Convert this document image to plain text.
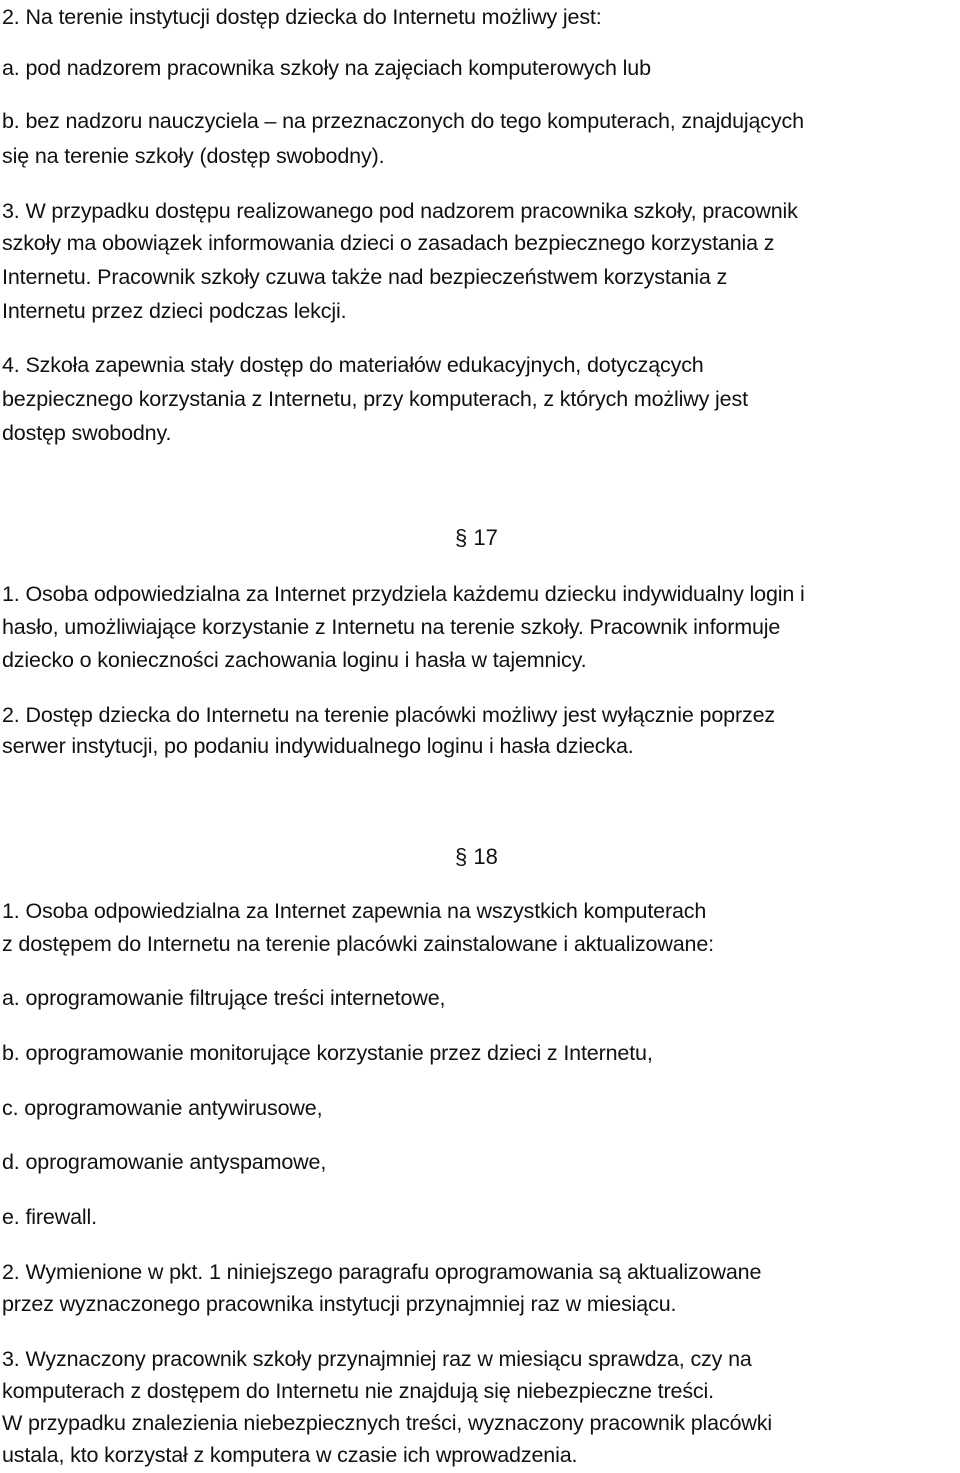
2. Na terenie instytucji dostęp dziecka do Internetu możliwy jest:

a. pod nadzorem pracownika szkoły na zajęciach komputerowych lub

b. bez nadzoru nauczyciela – na przeznaczonych do tego komputerach, znajdujących

się na terenie szkoły (dostęp swobodny).

3. W przypadku dostępu realizowanego pod nadzorem pracownika szkoły, pracownik

szkoły ma obowiązek informowania dzieci o zasadach bezpiecznego korzystania z

Internetu. Pracownik szkoły czuwa także nad bezpieczeństwem korzystania z

Internetu przez dzieci podczas lekcji.

4. Szkoła zapewnia stały dostęp do materiałów edukacyjnych, dotyczących

bezpiecznego korzystania z Internetu, przy komputerach, z których możliwy jest

dostęp swobodny.

§ 17

1. Osoba odpowiedzialna za Internet przydziela każdemu dziecku indywidualny login i

hasło, umożliwiające korzystanie z Internetu na terenie szkoły. Pracownik informuje

dziecko o konieczności zachowania loginu i hasła w tajemnicy.

2. Dostęp dziecka do Internetu na terenie placówki możliwy jest wyłącznie poprzez

serwer instytucji, po podaniu indywidualnego loginu i hasła dziecka.

§ 18

1. Osoba odpowiedzialna za Internet zapewnia na wszystkich komputerach

z dostępem do Internetu na terenie placówki zainstalowane i aktualizowane:

a. oprogramowanie filtrujące treści internetowe,

b. oprogramowanie monitorujące korzystanie przez dzieci z Internetu,

c. oprogramowanie antywirusowe,

d. oprogramowanie antyspamowe,

e. firewall.

2. Wymienione w pkt. 1 niniejszego paragrafu oprogramowania są aktualizowane

przez wyznaczonego pracownika instytucji przynajmniej raz w miesiącu.

3. Wyznaczony pracownik szkoły przynajmniej raz w miesiącu sprawdza, czy na

komputerach z dostępem do Internetu nie znajdują się niebezpieczne treści.

W przypadku znalezienia niebezpiecznych treści, wyznaczony pracownik placówki

ustala, kto korzystał z komputera w czasie ich wprowadzenia.
